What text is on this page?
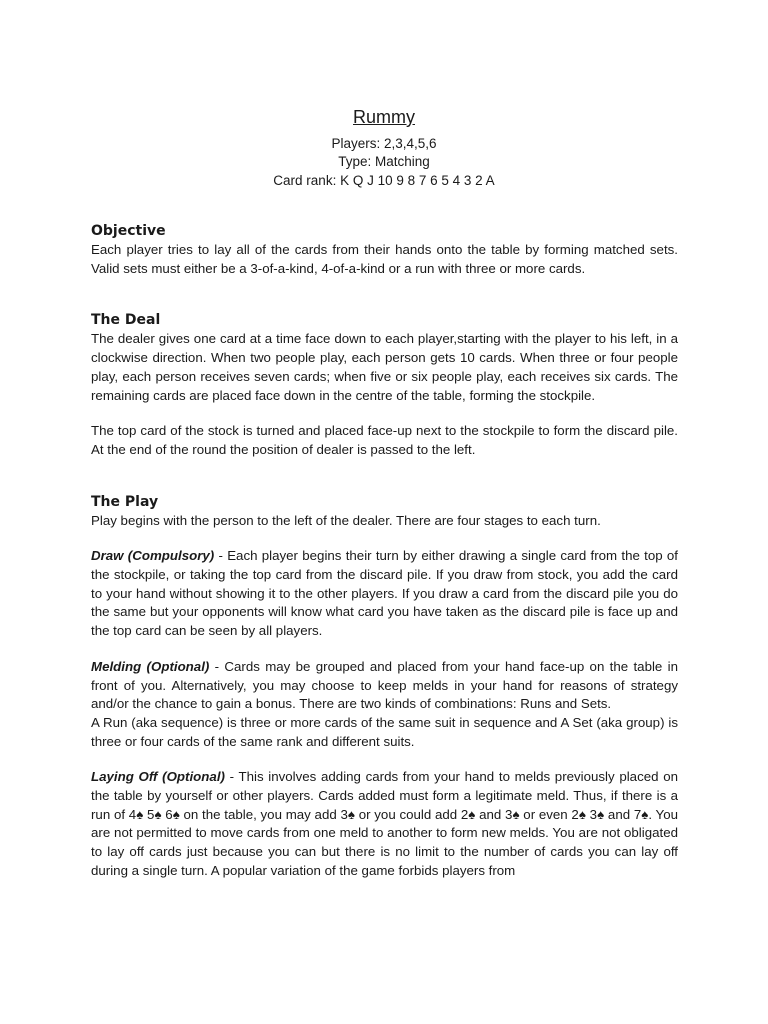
Rummy

Players: 2,3,4,5,6

Type: Matching

Card rank: K Q J 10 9 8 7 6 5 4 3 2 A

Objective

Each player tries to lay all of the cards from their hands onto the table by forming matched sets. Valid sets must either be a 3-of-a-kind, 4-of-a-kind or a run with three or more cards.

The Deal

The dealer gives one card at a time face down to each player,starting with the player to his left, in a clockwise direction. When two people play, each person gets 10 cards. When three or four people play, each person receives seven cards; when five or six people play, each receives six cards. The remaining cards are placed face down in the centre of the table, forming the stockpile.

The top card of the stock is turned and placed face-up next to the stockpile to form the discard pile. At the end of the round the position of dealer is passed to the left.

The Play

Play begins with the person to the left of the dealer. There are four stages to each turn.

Draw (Compulsory) - Each player begins their turn by either drawing a single card from the top of the stockpile, or taking the top card from the discard pile. If you draw from stock, you add the card to your hand without showing it to the other players. If you draw a card from the discard pile you do the same but your opponents will know what card you have taken as the discard pile is face up and the top card can be seen by all players.

Melding (Optional) - Cards may be grouped and placed from your hand face-up on the table in front of you. Alternatively, you may choose to keep melds in your hand for reasons of strategy and/or the chance to gain a bonus. There are two kinds of combinations: Runs and Sets.

A Run (aka sequence) is three or more cards of the same suit in sequence and A Set (aka group) is three or four cards of the same rank and different suits.

Laying Off (Optional) - This involves adding cards from your hand to melds previously placed on the table by yourself or other players. Cards added must form a legitimate meld. Thus, if there is a run of 4♠ 5♠ 6♠ on the table, you may add 3♠ or you could add 2♠ and 3♠ or even 2♠ 3♠ and 7♠. You are not permitted to move cards from one meld to another to form new melds. You are not obligated to lay off cards just because you can but there is no limit to the number of cards you can lay off during a single turn. A popular variation of the game forbids players from
